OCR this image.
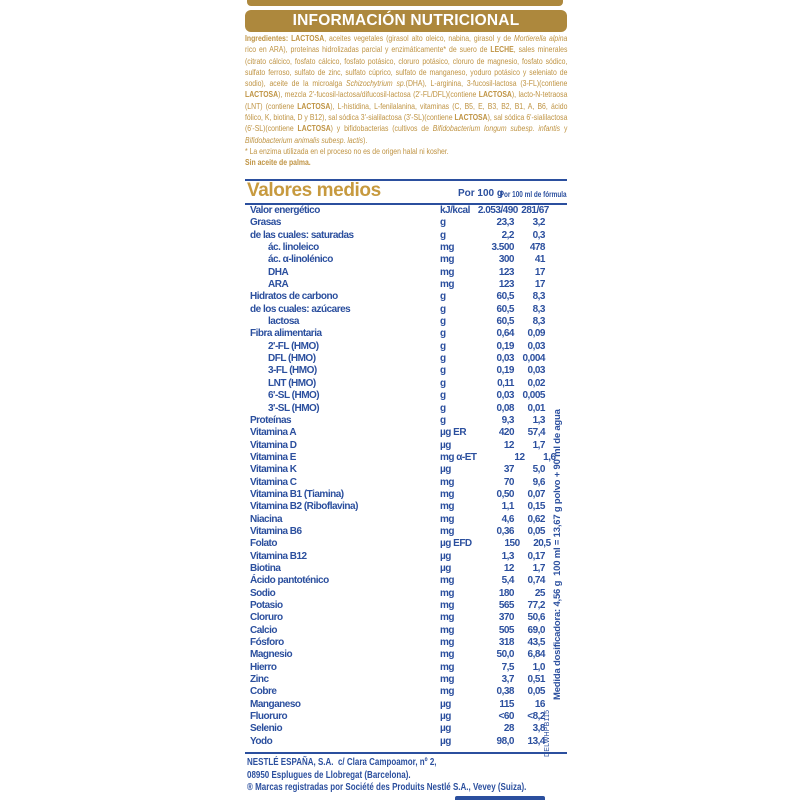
INFORMACIÓN NUTRICIONAL
Ingredientes: LACTOSA, aceites vegetales (girasol alto oleico, nabina, girasol y de Mortierella alpina rico en ARA), proteínas hidrolizadas parcial y enzimáticamente* de suero de LECHE, sales minerales (citrato cálcico, fosfato cálcico, fosfato potásico, cloruro potásico, cloruro de magnesio, fosfato sódico, sulfato ferroso, sulfato de zinc, sulfato cúprico, sulfato de manganeso, yoduro potásico y seleniato de sodio), aceite de la microalga Schizochytrium sp.(DHA), L-arginina, 3-fucosil-lactosa (3-FL)(contiene LACTOSA), mezcla 2'-fucosil-lactosa/difucosil-lactosa (2'-FL/DFL)(contiene LACTOSA), lacto-N-tetraosa (LNT) (contiene LACTOSA), L-histidina, L-fenilalanina, vitaminas (C, B5, E, B3, B2, B1, A, B6, ácido fólico, K, biotina, D y B12), sal sódica 3'-sialilactosa (3'-SL)(contiene LACTOSA), sal sódica 6'-sialilactosa (6'-SL)(contiene LACTOSA) y bifidobacterias (cultivos de Bifidobacterium longum subesp. infantis y Bifidobacterium animalis subesp. lactis).
* La enzima utilizada en el proceso no es de origen halal ni kosher.
Sin aceite de palma.
Valores medios	Por 100 g
Por 100 ml de fórmula
Valor energético	kJ/kcal 2.053/490 281/67
Grasas	g	23,3	3,2
de las cuales: saturadas	g	2,2	0,3
ác. linoleico	mg	3.500	478
ác. α-linolénico	mg	300	41
DHA	mg	123	17
ARA	mg	123	17
Hidratos de carbono	g	60,5	8,3
de los cuales: azúcares	g	60,5	8,3
lactosa	g	60,5	8,3
Fibra alimentaria	g	0,64	0,09
2'-FL (HMO)	g	0,19	0,03
DFL (HMO)	g	0,03 0,004
3-FL (HMO)	g	0,19	0,03
LNT (HMO)	g	0,11	0,02
6'-SL (HMO)	g	0,03 0,005
3'-SL (HMO)	g	0,08	0,01
Proteínas	g	9,3	1,3
Vitamina A	µg ER	420	57,4
Vitamina D	µg	12	1,7
Vitamina E	mg α-ET	12	1,6
Vitamina K	µg	37	5,0
Vitamina C	mg	70	9,6
Vitamina B1 (Tiamina)	mg	0,50	0,07
Vitamina B2 (Riboflavina)	mg	1,1	0,15
Niacina	mg	4,6	0,62
Vitamina B6	mg	0,36	0,05
Folato	µg EFD	150	20,5
Vitamina B12	µg	1,3	0,17
Biotina	µg	12	1,7
Ácido pantoténico	mg	5,4	0,74
Sodio	mg	180	25
Potasio	mg	565	77,2
Cloruro	mg	370	50,6
Calcio	mg	505	69,0
Fósforo	mg	318	43,5
Magnesio	mg	50,0	6,84
Hierro	mg	7,5	1,0
Zinc	mg	3,7	0,51
Cobre	mg	0,38	0,05
Manganeso	µg	115	16
Fluoruro	µg	<60	<8,2
Selenio	µg	28	3,8
Yodo	µg	98,0	13,4
NESTLÉ ESPAÑA, S.A.  c/ Clara Campoamor, nº 2,
08950 Esplugues de Llobregat (Barcelona).
® Marcas registradas por Société des Produits Nestlé S.A., Vevey (Suiza).
Medida dosificadora: 4,56 g  100 ml = 13,67 g polvo + 90 ml de agua
DELWHPB115
